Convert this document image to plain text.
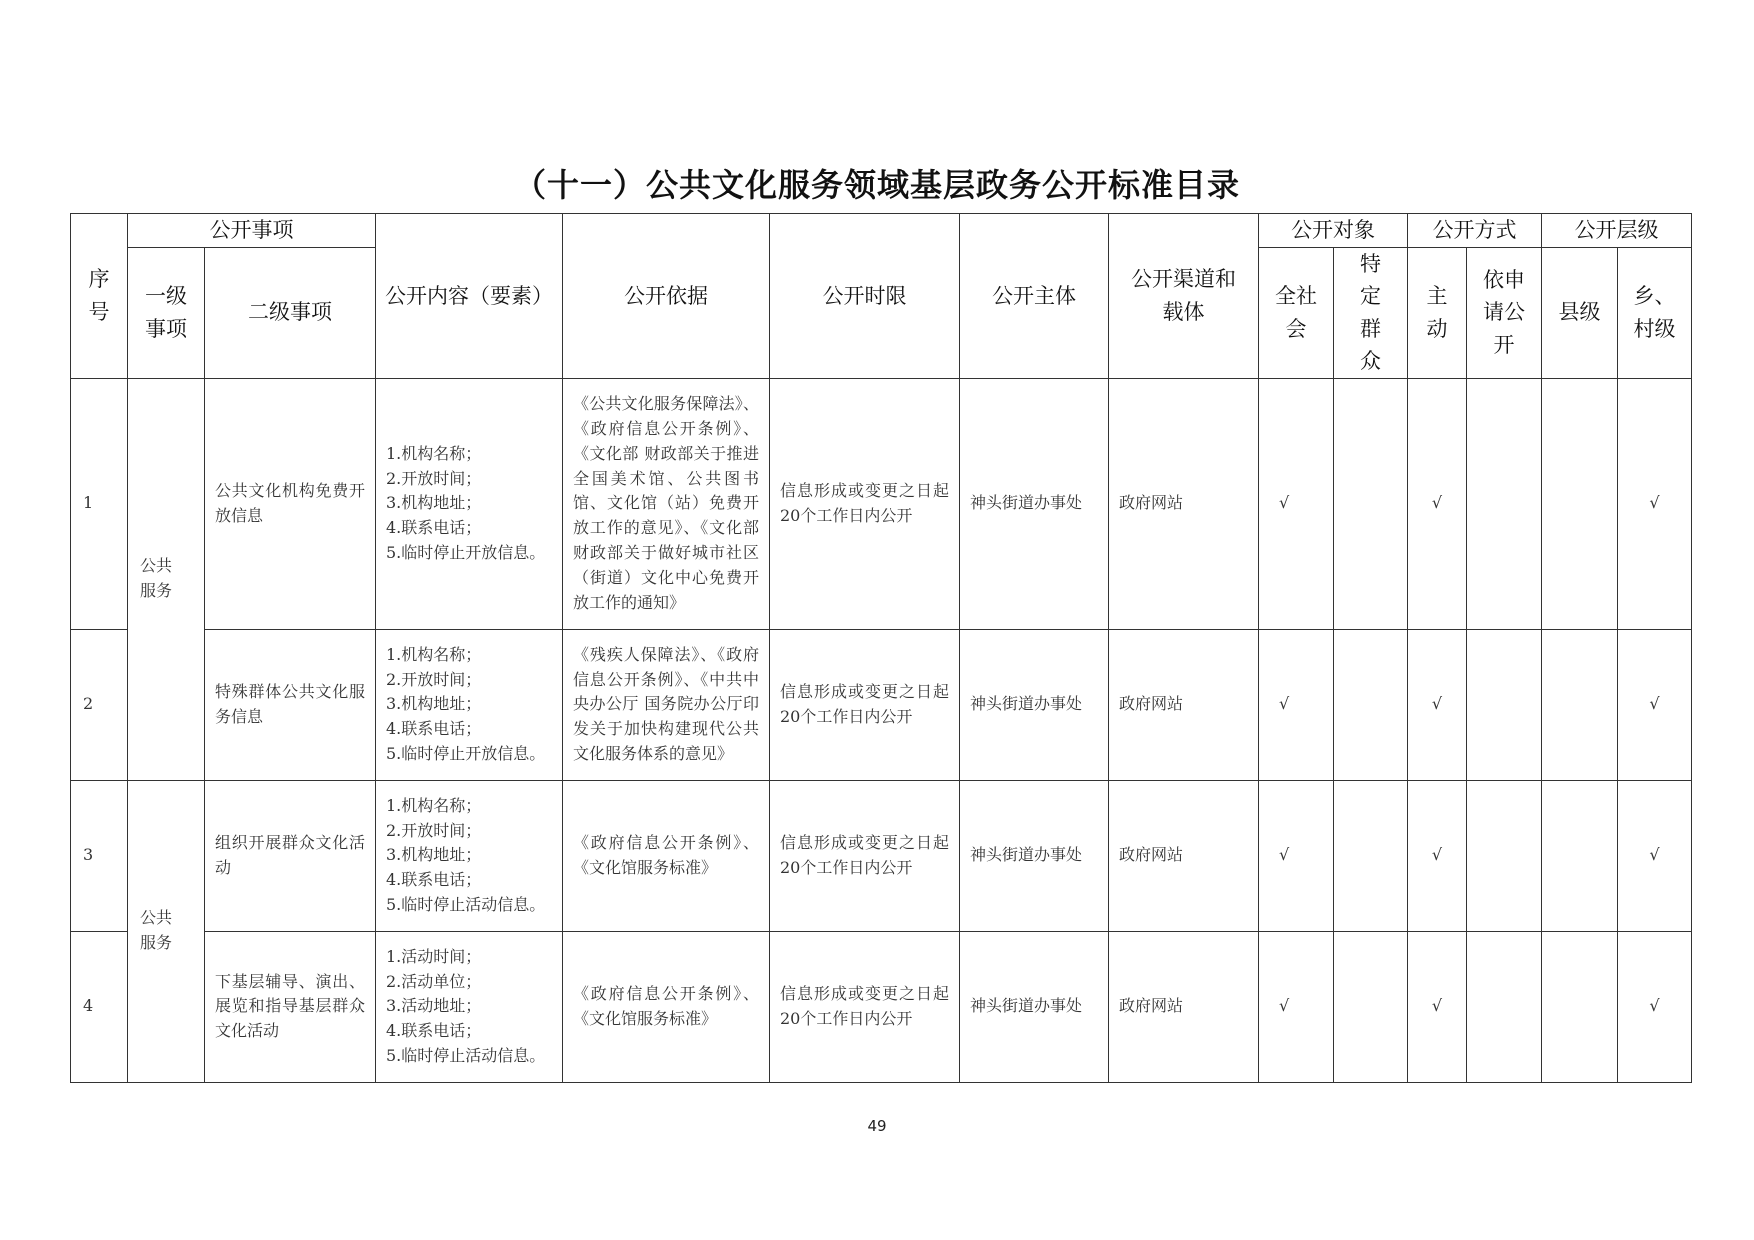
（十一）公共文化服务领域基层政务公开标准目录
序号	公开事项		公开内容（要素）	公开依据	公开时限	公开主体	公开渠道和载体	公开对象		公开方式		公开层级	
	一级事项	二级事项						全社会	特定群众	主动	依申请公开	县级	乡、村级
1	公共服务	公共文化机构免费开放信息	1.机构名称；
2.开放时间；
3.机构地址；
4.联系电话；
5.临时停止开放信息。	《公共文化服务保障法》、《政府信息公开条例》、《文化部 财政部关于推进全国美术馆、公共图书馆、文化馆（站）免费开放工作的意见》、《文化部 财政部关于做好城市社区（街道）文化中心免费开放工作的通知》	信息形成或变更之日起20个工作日内公开	神头街道办事处	政府网站	√		√			√
2		特殊群体公共文化服务信息	1.机构名称；
2.开放时间；
3.机构地址；
4.联系电话；
5.临时停止开放信息。	《残疾人保障法》、《政府信息公开条例》、《中共中央办公厅 国务院办公厅印发关于加快构建现代公共文化服务体系的意见》	信息形成或变更之日起20个工作日内公开	神头街道办事处	政府网站	√		√			√
3	公共服务	组织开展群众文化活动	1.机构名称；
2.开放时间；
3.机构地址；
4.联系电话；
5.临时停止活动信息。	《政府信息公开条例》、《文化馆服务标准》	信息形成或变更之日起20个工作日内公开	神头街道办事处	政府网站	√		√			√
4		下基层辅导、演出、展览和指导基层群众文化活动	1.活动时间；
2.活动单位；
3.活动地址；
4.联系电话；
5.临时停止活动信息。	《政府信息公开条例》、《文化馆服务标准》	信息形成或变更之日起20个工作日内公开	神头街道办事处	政府网站	√		√			√
49
